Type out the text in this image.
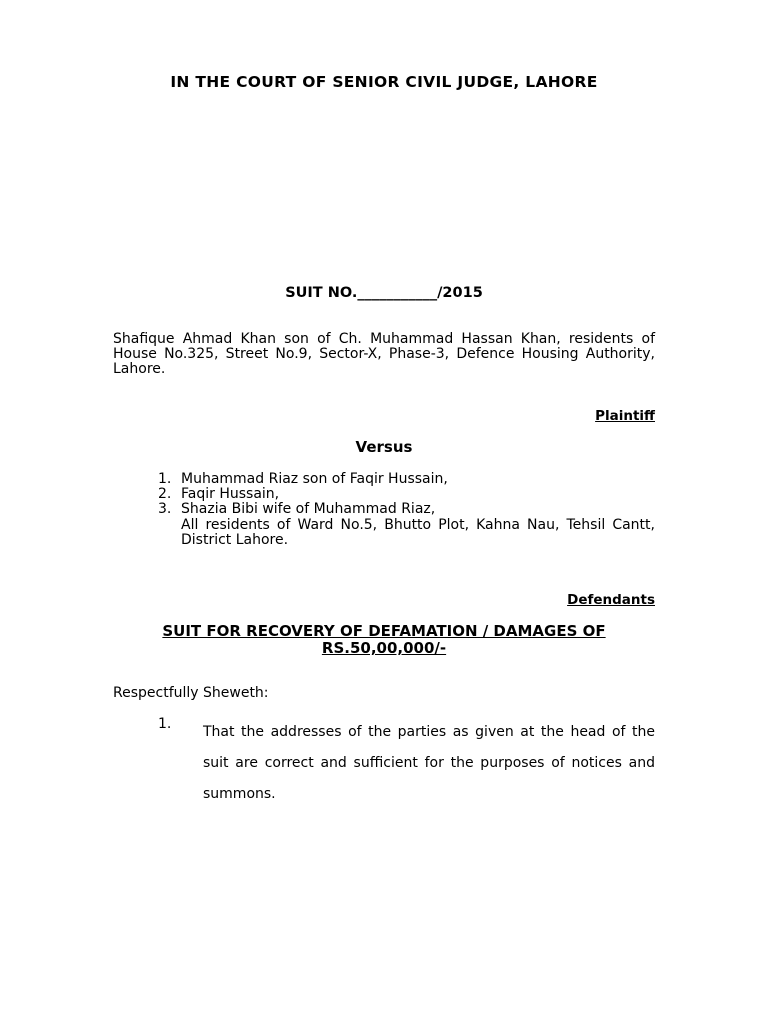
IN THE COURT OF SENIOR CIVIL JUDGE, LAHORE
SUIT NO.___________/2015
Shafique Ahmad Khan son of Ch. Muhammad Hassan Khan, residents of House No.325, Street No.9, Sector-X, Phase-3, Defence Housing Authority, Lahore.
Plaintiff
Versus
1. Muhammad Riaz son of Faqir Hussain,
2. Faqir Hussain,
3. Shazia Bibi wife of Muhammad Riaz,
All residents of Ward No.5, Bhutto Plot, Kahna Nau, Tehsil Cantt, District Lahore.
Defendants
SUIT FOR RECOVERY OF DEFAMATION / DAMAGES OF RS.50,00,000/-
Respectfully Sheweth:
1. That the addresses of the parties as given at the head of the suit are correct and sufficient for the purposes of notices and summons.
